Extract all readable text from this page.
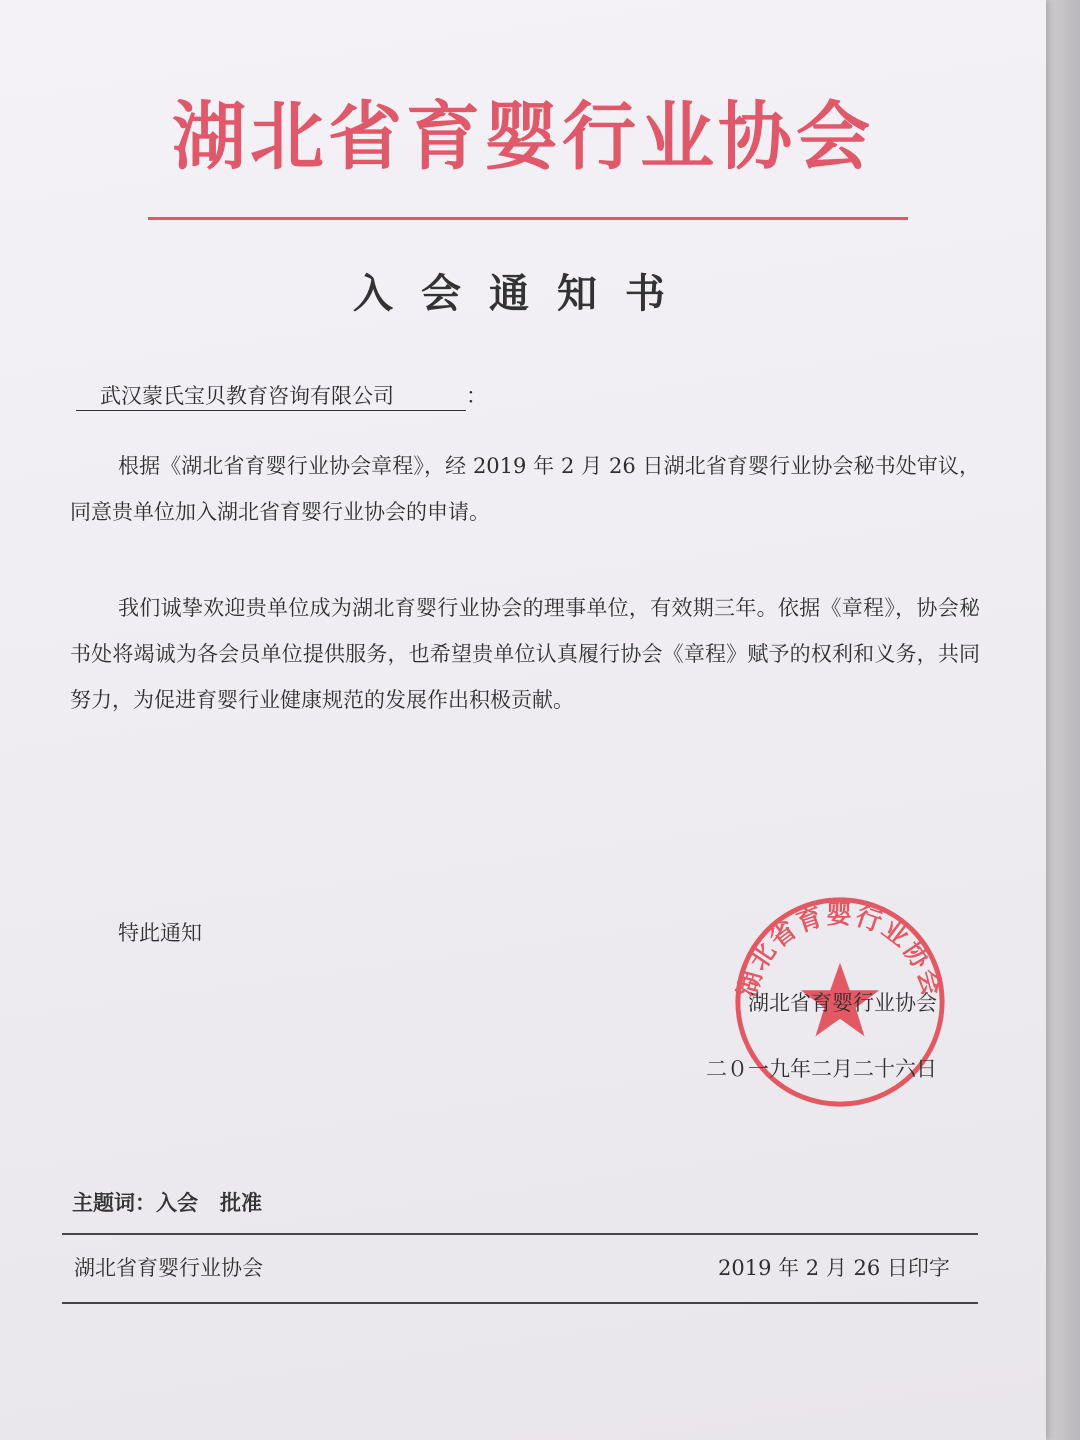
湖北省育婴行业协会
入会通知书
武汉蒙氏宝贝教育咨询有限公司	：

根据《湖北省育婴行业协会章程》，经 2019 年 2 月 26 日湖北省育婴行业协会秘书处审议，同意贵单位加入湖北省育婴行业协会的申请。

我们诚挚欢迎贵单位成为湖北育婴行业协会的理事单位，有效期三年。依据《章程》，协会秘书处将竭诚为各会员单位提供服务，也希望贵单位认真履行协会《章程》赋予的权利和义务，共同努力，为促进育婴行业健康规范的发展作出积极贡献。

特此通知
湖北省育婴行业协会
湖北省育婴行业协会
二０一九年二月二十六日
主题词：入会 批准
湖北省育婴行业协会	2019 年 2 月 26 日印字
